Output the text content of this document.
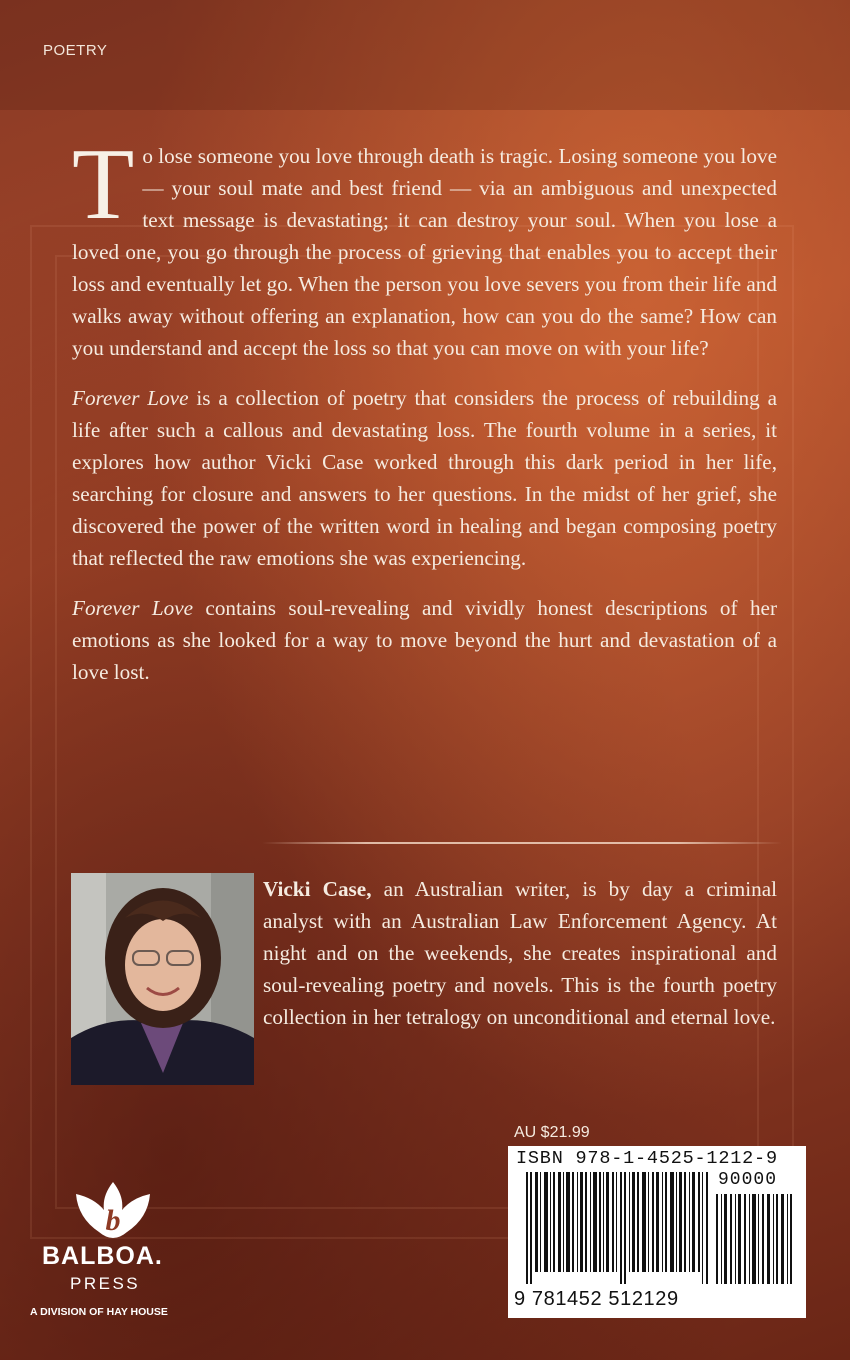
POETRY

To lose someone you love through death is tragic. Losing someone you love — your soul mate and best friend — via an ambiguous and unexpected text message is devastating; it can destroy your soul. When you lose a loved one, you go through the process of grieving that enables you to accept their loss and eventually let go. When the person you love severs you from their life and walks away without offering an explanation, how can you do the same? How can you understand and accept the loss so that you can move on with your life?

Forever Love is a collection of poetry that considers the process of rebuilding a life after such a callous and devastating loss. The fourth volume in a series, it explores how author Vicki Case worked through this dark period in her life, searching for closure and answers to her questions. In the midst of her grief, she discovered the power of the written word in healing and began composing poetry that reflected the raw emotions she was experiencing.

Forever Love contains soul-revealing and vividly honest descriptions of her emotions as she looked for a way to move beyond the hurt and devastation of a love lost.

Vicki Case, an Australian writer, is by day a criminal analyst with an Australian Law Enforcement Agency. At night and on the weekends, she creates inspirational and soul-revealing poetry and novels. This is the fourth poetry collection in her tetralogy on unconditional and eternal love.
AU $21.99
ISBN 978-1-4525-1212-9
90000
9 781452 512129
b
BALBOA.
PRESS
A DIVISION OF HAY HOUSE
